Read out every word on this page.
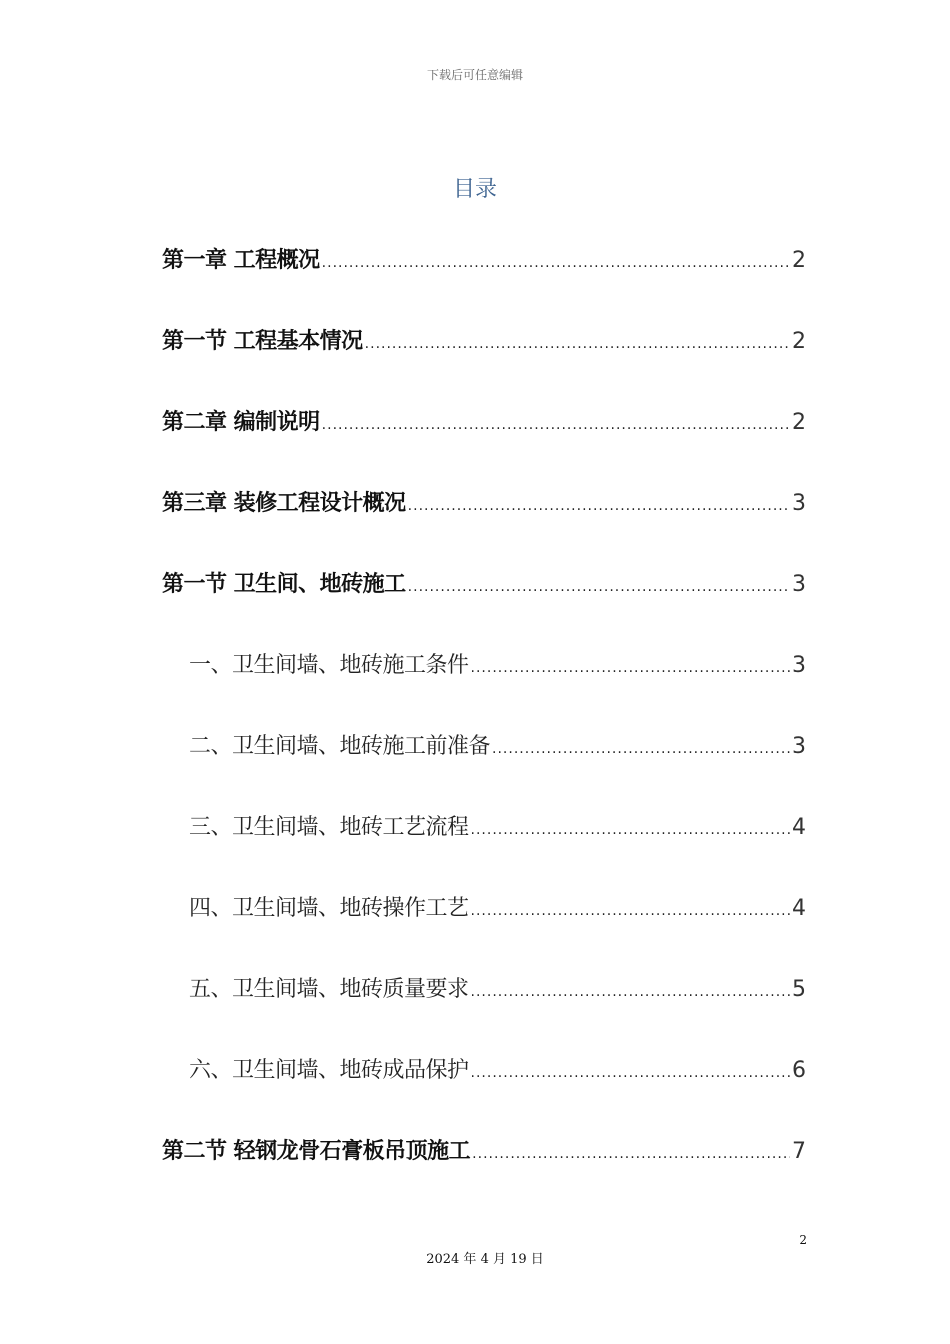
下载后可任意编辑
目录
第一章 工程概况 .....	2
第一节 工程基本情况 .....	2
第二章 编制说明 .....	2
第三章 装修工程设计概况 .....	3
第一节 卫生间、地砖施工 .....	3
一、卫生间墙、地砖施工条件 .....	3
二、卫生间墙、地砖施工前准备 .....	3
三、卫生间墙、地砖工艺流程 .....	4
四、卫生间墙、地砖操作工艺 .....	4
五、卫生间墙、地砖质量要求 .....	5
六、卫生间墙、地砖成品保护 .....	6
第二节 轻钢龙骨石膏板吊顶施工 .....	7
2
2024 年 4 月 19 日
